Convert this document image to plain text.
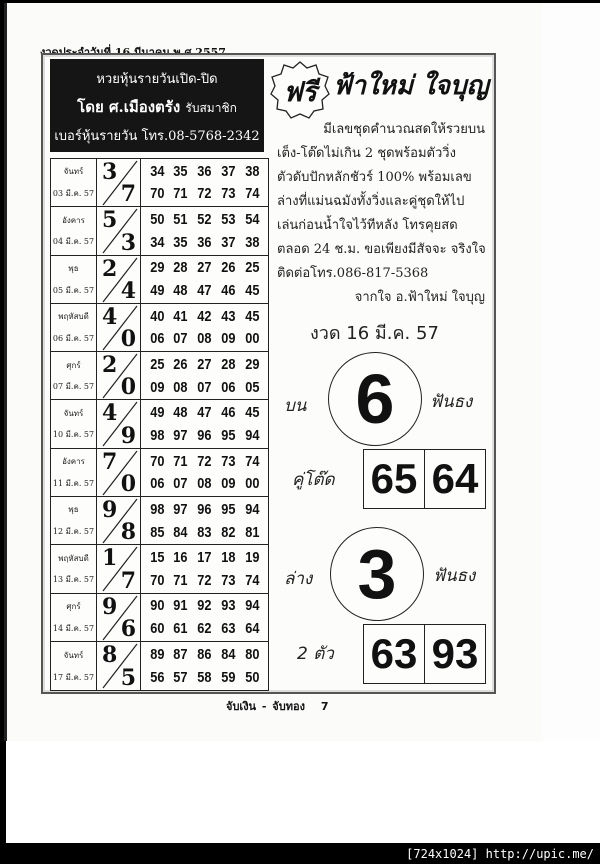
หวยหุ้นรายวันเปิด-ปิด
โดย ศ.เมืองตรัง รับสมาชิก
เบอร์หุ้นรายวัน โทร.08-5768-2342
จันทร์
03 มี.ค. 57
3
7
34 35 36 37 38
70 71 72 73 74
อังคาร
04 มี.ค. 57
5
3
50 51 52 53 54
34 35 36 37 38
พุธ
05 มี.ค. 57
2
4
29 28 27 26 25
49 48 47 46 45
พฤหัสบดี
06 มี.ค. 57
4
0
40 41 42 43 45
06 07 08 09 00
ศุกร์
07 มี.ค. 57
2
0
25 26 27 28 29
09 08 07 06 05
จันทร์
10 มี.ค. 57
4
9
49 48 47 46 45
98 97 96 95 94
อังคาร
11 มี.ค. 57
7
0
70 71 72 73 74
06 07 08 09 00
พุธ
12 มี.ค. 57
9
8
98 97 96 95 94
85 84 83 82 81
พฤหัสบดี
13 มี.ค. 57
1
7
15 16 17 18 19
70 71 72 73 74
ศุกร์
14 มี.ค. 57
9
6
90 91 92 93 94
60 61 62 63 64
จันทร์
17 มี.ค. 57
8
5
89 87 86 84 80
56 57 58 59 50
ฟรี ฟ้าใหม่ ใจบุญ
มีเลขชุดคำนวณสดให้รวยบน
เต็ง-โต๊ดไม่เกิน 2 ชุดพร้อมตัววิ่ง
ตัวดับปักหลักชัวร์ 100% พร้อมเลข
ล่างที่แม่นฉมังทั้งวิ่งและคู่ชุดให้ไป
เล่นก่อนน้ำใจไว้ทีหลัง โทรคุยสด
ตลอด 24 ช.ม. ขอเพียงมีสัจจะ จริงใจ
ติดต่อโทร.086-817-5368
จากใจ อ.ฟ้าใหม่ ใจบุญ
งวด 16 มี.ค. 57
บน 6 ฟันธง
คู่โต๊ด 65 64
ล่าง 3 ฟันธง
2 ตัว 63 93
จับเงิน - จับทอง 7
[724x1024] http://upic.me/
